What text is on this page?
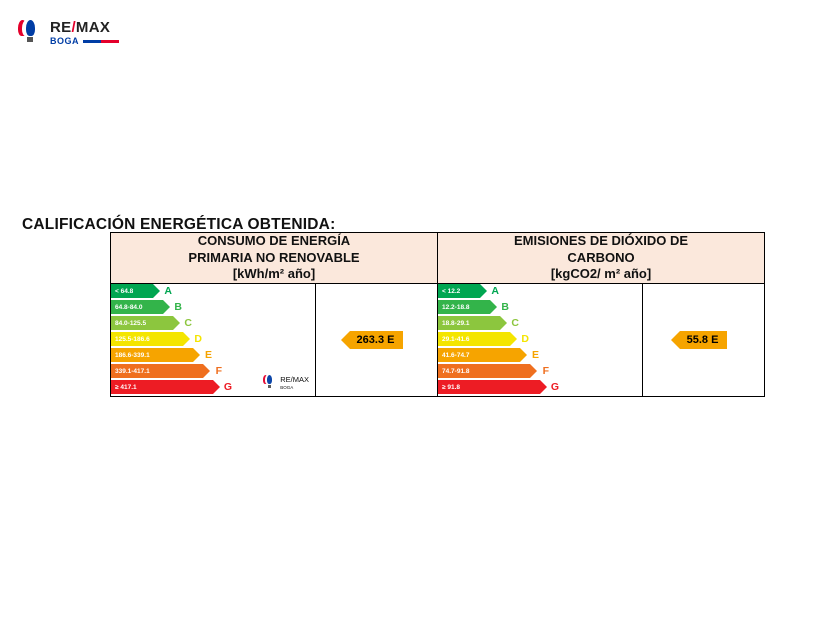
RE/MAX
BOGA
CALIFICACIÓN ENERGÉTICA OBTENIDA:
CONSUMO DE ENERGÍA
PRIMARIA NO RENOVABLE
[kWh/m² año]

EMISIONES DE DIÓXIDO DE
CARBONO
[kgCO2/ m² año]

< 64.8	A
64.8-84.0	B
84.0-125.5	C
125.5-186.6	D
186.6-339.1	E
339.1-417.1	F
≥ 417.1	G
RE/MAX
BOGA
	263.3 E	
< 12.2	A
12.2-18.8	B
18.8-29.1	C
29.1-41.6	D
41.6-74.7	E
74.7-91.8	F
≥ 91.8	G
	55.8 E
